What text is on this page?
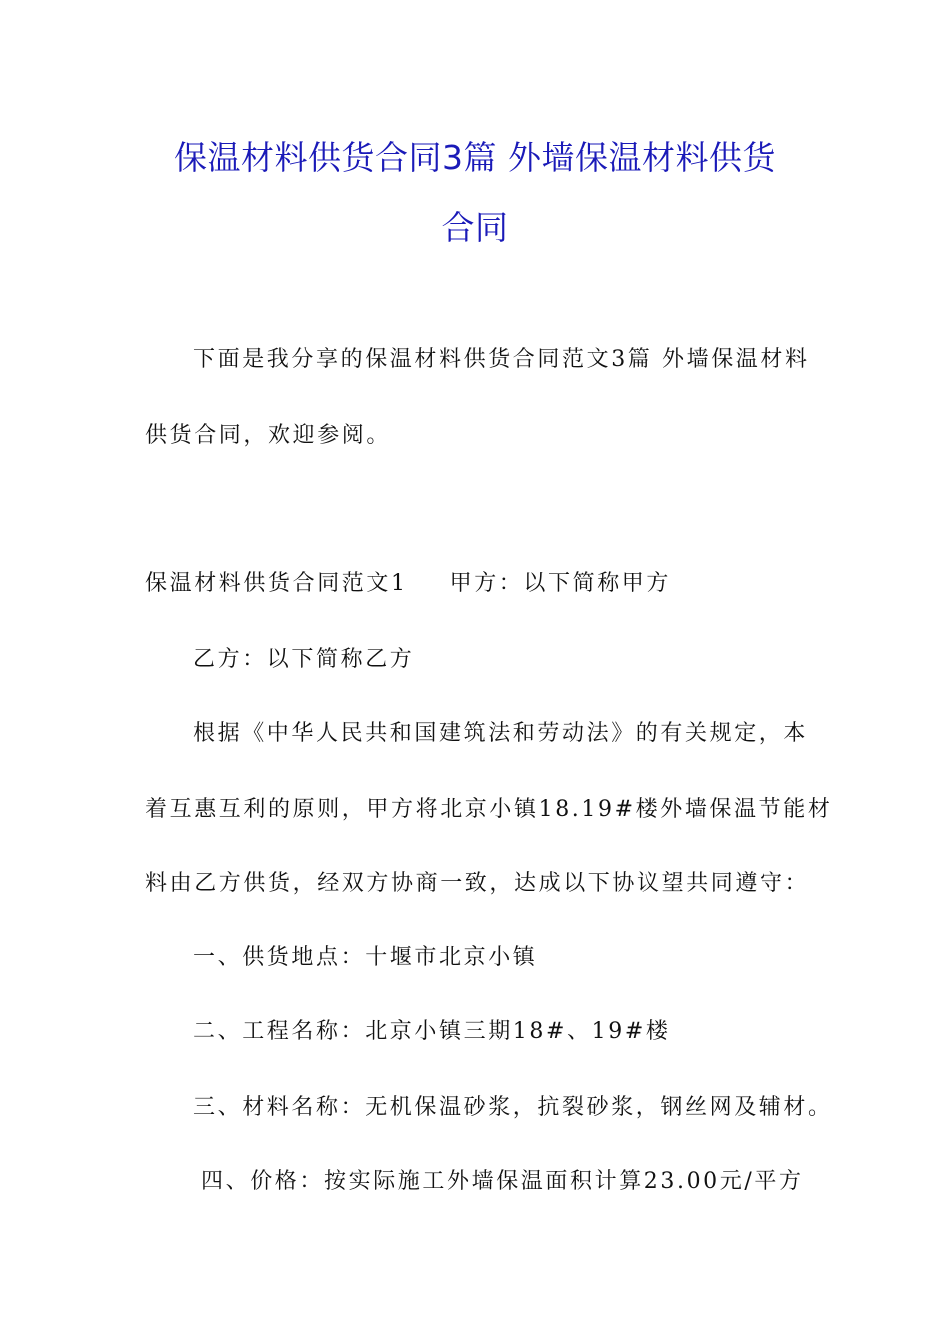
保温材料供货合同3篇 外墙保温材料供货
合同
下面是我分享的保温材料供货合同范文3篇 外墙保温材料
供货合同，欢迎参阅。
保温材料供货合同范文1 甲方：以下简称甲方
乙方：以下简称乙方
根据《中华人民共和国建筑法和劳动法》的有关规定，本
着互惠互利的原则，甲方将北京小镇18.19#楼外墙保温节能材
料由乙方供货，经双方协商一致，达成以下协议望共同遵守：
一、供货地点：十堰市北京小镇
二、工程名称：北京小镇三期18#、19#楼
三、材料名称：无机保温砂浆，抗裂砂浆，钢丝网及辅材。
四、价格：按实际施工外墙保温面积计算23.00元/平方
